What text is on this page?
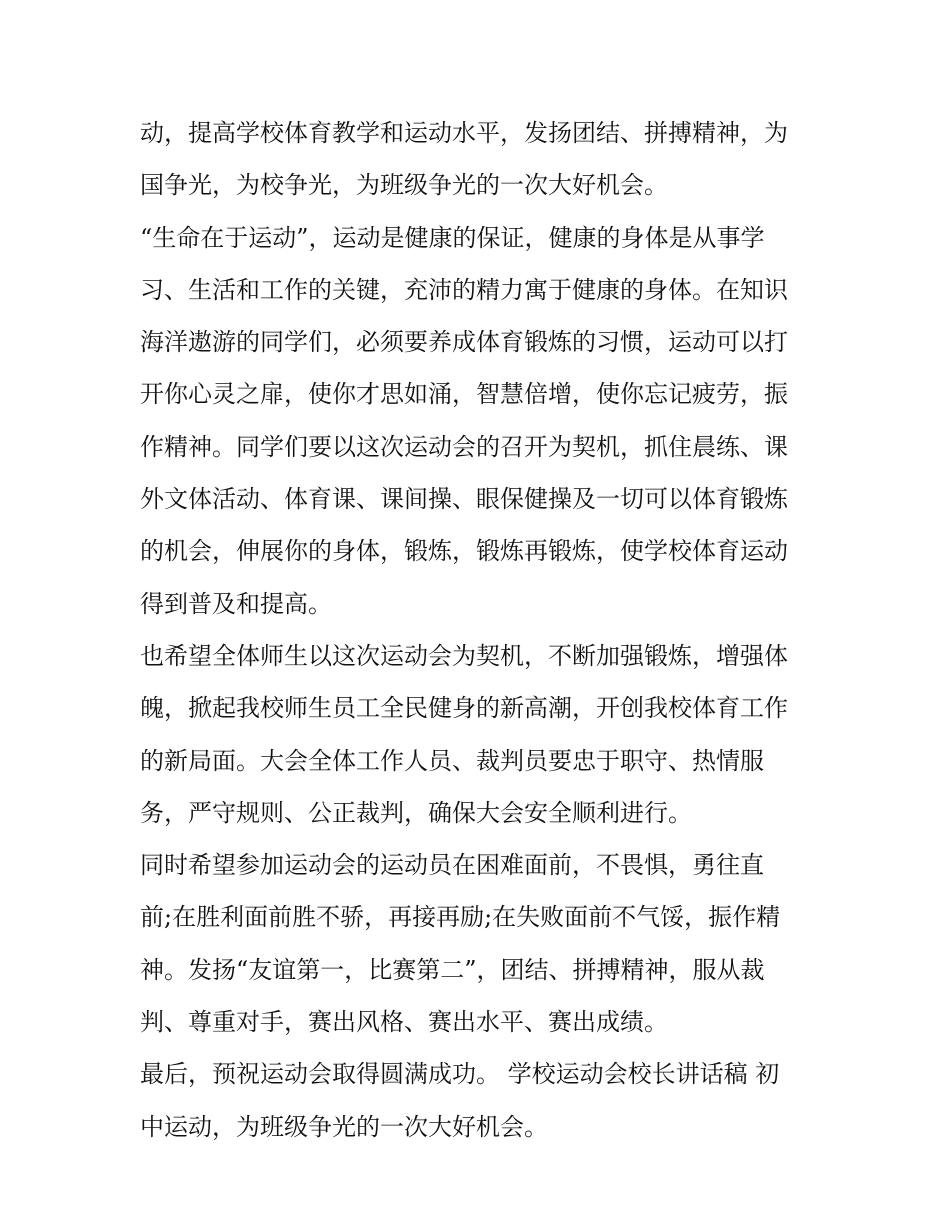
动，提高学校体育教学和运动水平，发扬团结、拼搏精神，为
国争光，为校争光，为班级争光的一次大好机会。
“生命在于运动”，运动是健康的保证，健康的身体是从事学
习、生活和工作的关键，充沛的精力寓于健康的身体。在知识
海洋遨游的同学们，必须要养成体育锻炼的习惯，运动可以打
开你心灵之扉，使你才思如涌，智慧倍增，使你忘记疲劳，振
作精神。同学们要以这次运动会的召开为契机，抓住晨练、课
外文体活动、体育课、课间操、眼保健操及一切可以体育锻炼
的机会，伸展你的身体，锻炼，锻炼再锻炼，使学校体育运动
得到普及和提高。
也希望全体师生以这次运动会为契机，不断加强锻炼，增强体
魄，掀起我校师生员工全民健身的新高潮，开创我校体育工作
的新局面。大会全体工作人员、裁判员要忠于职守、热情服
务，严守规则、公正裁判，确保大会安全顺利进行。
同时希望参加运动会的运动员在困难面前，不畏惧，勇往直
前;在胜利面前胜不骄，再接再励;在失败面前不气馁，振作精
神。发扬“友谊第一，比赛第二”，团结、拼搏精神，服从裁
判、尊重对手，赛出风格、赛出水平、赛出成绩。
最后，预祝运动会取得圆满成功。 学校运动会校长讲话稿 初
中运动，为班级争光的一次大好机会。
